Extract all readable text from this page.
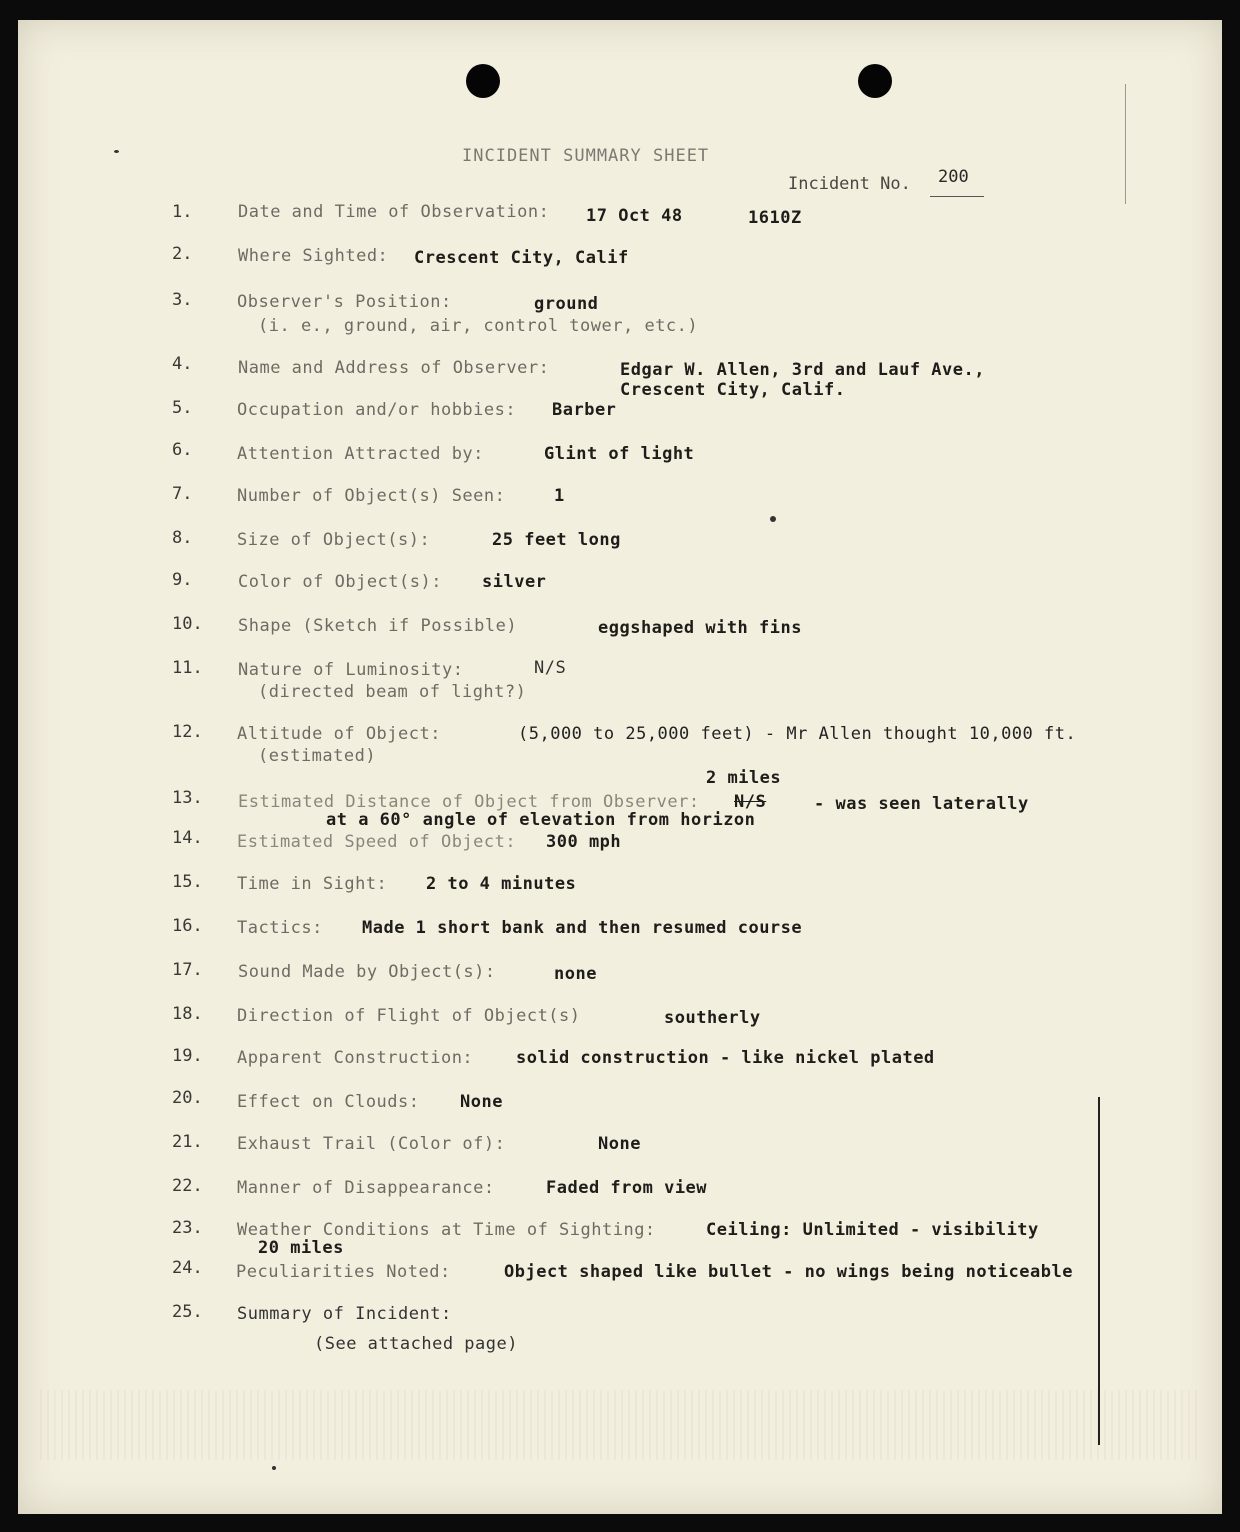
INCIDENT SUMMARY SHEET
Incident No. 200
1.	Date and Time of Observation: 17 Oct 48	1610Z
2.	Where Sighted: Crescent City, Calif
3.	Observer's Position:
(i. e., ground, air, control tower, etc.)
ground
4.	Name and Address of Observer:	Edgar W. Allen, 3rd and Lauf Ave.,
Crescent City, Calif.
5.	Occupation and/or hobbies: Barber
6.	Attention Attracted by:	Glint of light
7.	Number of Object(s) Seen:	1
8.	Size of Object(s):	25 feet long
9.	Color of Object(s): silver
10.	Shape (Sketch if Possible)	eggshaped with fins
11.	Nature of Luminosity:
(directed beam of light?)
N/S
12.	Altitude of Object:
(estimated)
(5,000 to 25,000 feet) - Mr Allen thought 10,000 ft.
2 miles
13.	Estimated Distance of Object from Observer: N/S	- was seen laterally
at a 60° angle of elevation from horizon
14.	Estimated Speed of Object: 300 mph
15.	Time in Sight: 2 to 4 minutes
16.	Tactics: Made 1 short bank and then resumed course
17.	Sound Made by Object(s):	none
18.	Direction of Flight of Object(s)	southerly
19.	Apparent Construction:	solid construction - like nickel plated
20.	Effect on Clouds: None
21.	Exhaust Trail (Color of):	None
22.	Manner of Disappearance:	Faded from view
23.	Weather Conditions at Time of Sighting:	Ceiling: Unlimited - visibility
20 miles
24.	Peculiarities Noted:	Object shaped like bullet - no wings being noticeable
25.	Summary of Incident:
(See attached page)
